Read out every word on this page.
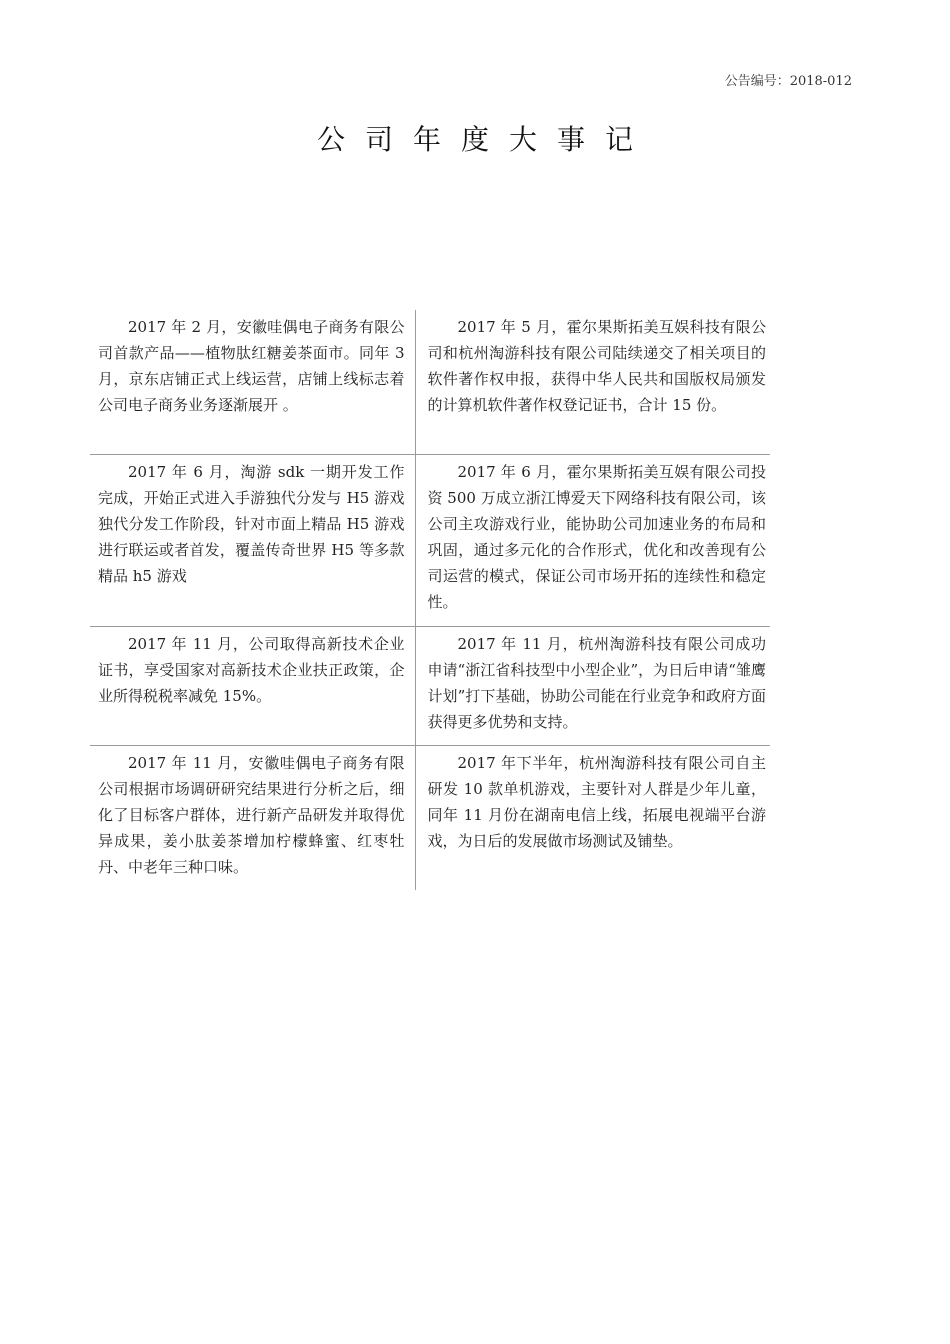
公告编号：2018-012
公司年度大事记
2017 年 2 月，安徽哇偶电子商务有限公司首款产品——植物肽红糖姜茶面市。同年 3 月，京东店铺正式上线运营，店铺上线标志着公司电子商务业务逐渐展开 。	2017 年 5 月，霍尔果斯拓美互娱科技有限公司和杭州淘游科技有限公司陆续递交了相关项目的软件著作权申报，获得中华人民共和国版权局颁发的计算机软件著作权登记证书，合计 15 份。
2017 年 6 月，淘游 sdk 一期开发工作完成，开始正式进入手游独代分发与 H5 游戏独代分发工作阶段，针对市面上精品 H5 游戏进行联运或者首发，覆盖传奇世界 H5 等多款精品 h5 游戏	2017 年 6 月，霍尔果斯拓美互娱有限公司投资 500 万成立浙江博爱天下网络科技有限公司，该公司主攻游戏行业，能协助公司加速业务的布局和巩固，通过多元化的合作形式，优化和改善现有公司运营的模式，保证公司市场开拓的连续性和稳定性。
2017 年 11 月，公司取得高新技术企业证书，享受国家对高新技术企业扶正政策，企业所得税税率减免 15%。	2017 年 11 月，杭州淘游科技有限公司成功申请“浙江省科技型中小型企业”，为日后申请“雏鹰计划”打下基础，协助公司能在行业竞争和政府方面获得更多优势和支持。
2017 年 11 月，安徽哇偶电子商务有限公司根据市场调研研究结果进行分析之后，细化了目标客户群体，进行新产品研发并取得优异成果，姜小肽姜茶增加柠檬蜂蜜、红枣牡丹、中老年三种口味。	2017 年下半年，杭州淘游科技有限公司自主研发 10 款单机游戏，主要针对人群是少年儿童，同年 11 月份在湖南电信上线，拓展电视端平台游戏，为日后的发展做市场测试及铺垫。
